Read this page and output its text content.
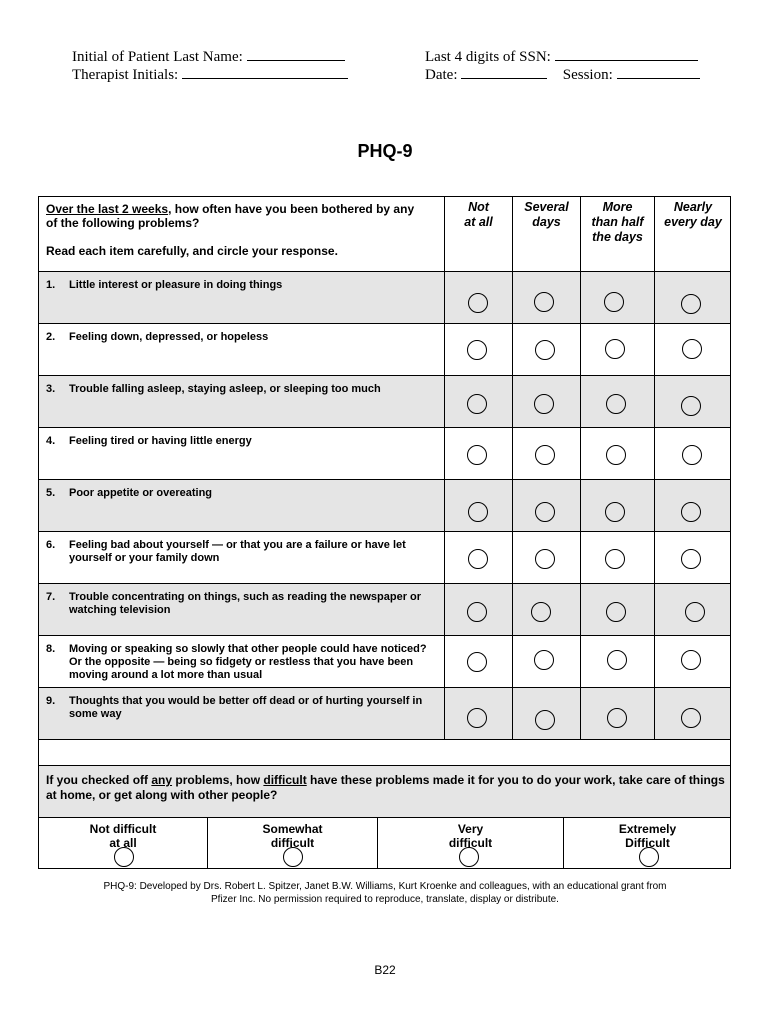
Initial of Patient Last Name:
Therapist Initials:
Last 4 digits of SSN:
Date:	Session:
PHQ-9
Over the last 2 weeks, how often have you been bothered by any
of the following problems?
Read each item carefully, and circle your response.
Not
at all
Several
days
More
than half
the days
Nearly
every day
1. Little interest or pleasure in doing things
2. Feeling down, depressed, or hopeless
3. Trouble falling asleep, staying asleep, or sleeping too much
4. Feeling tired or having little energy
5. Poor appetite or overeating
6. Feeling bad about yourself — or that you are a failure or have let yourself or your family down
7. Trouble concentrating on things, such as reading the newspaper or watching television
8. Moving or speaking so slowly that other people could have noticed? Or the opposite — being so fidgety or restless that you have been moving around a lot more than usual
9. Thoughts that you would be better off dead or of hurting yourself in some way
If you checked off any problems, how difficult have these problems made it for you to do your work, take care of things
at home, or get along with other people?
Not difficult
at all
Somewhat
difficult
Very
difficult
Extremely
Difficult
PHQ-9: Developed by Drs. Robert L. Spitzer, Janet B.W. Williams, Kurt Kroenke and colleagues, with an educational grant from
Pfizer Inc. No permission required to reproduce, translate, display or distribute.
B22
